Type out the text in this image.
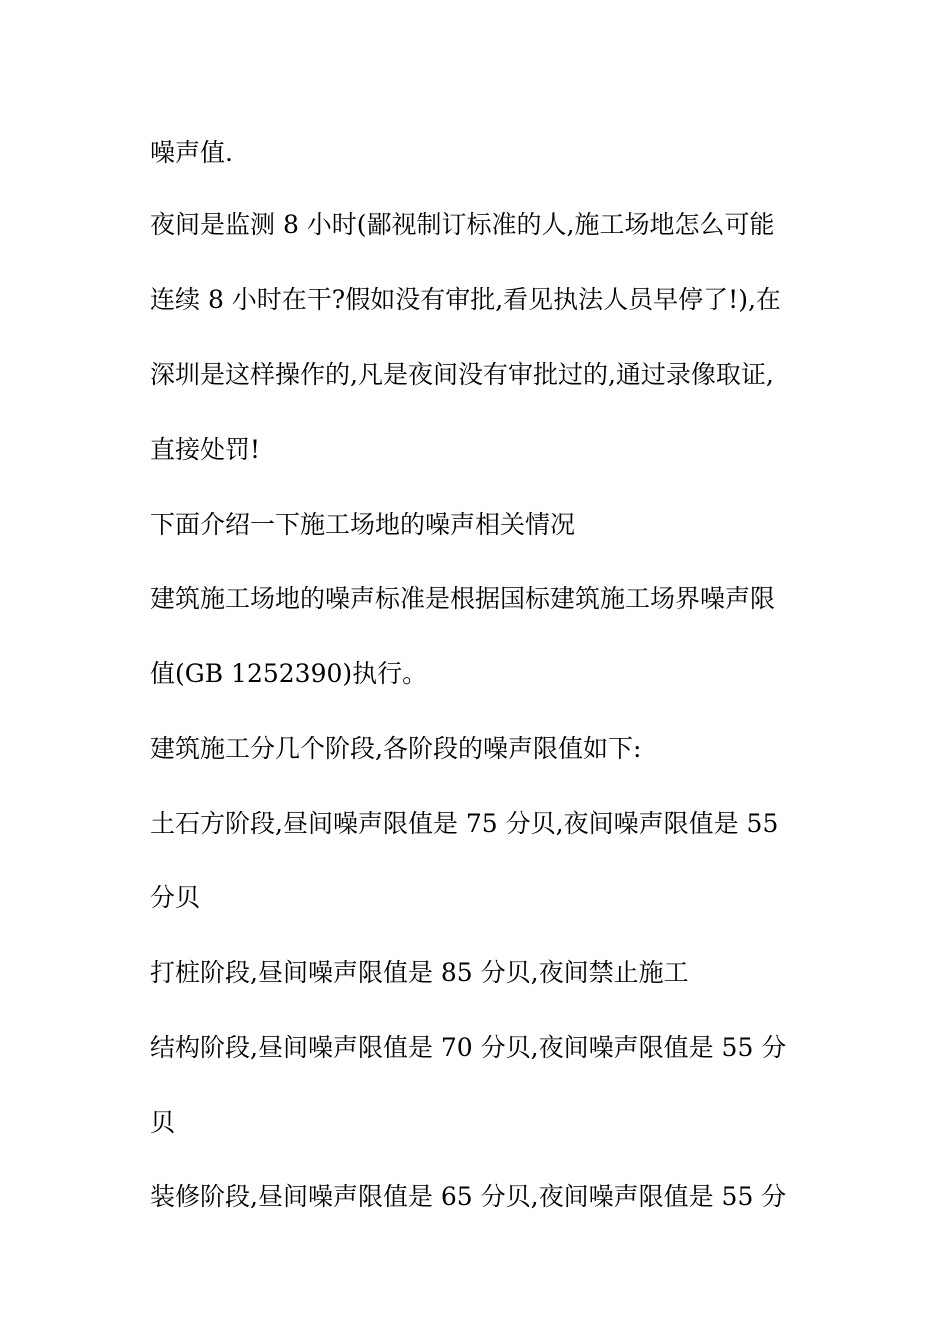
噪声值.
夜间是监测 8 小时(鄙视制订标准的人,施工场地怎么可能
连续 8 小时在干?假如没有审批,看见执法人员早停了!),在
深圳是这样操作的,凡是夜间没有审批过的,通过录像取证,
直接处罚!
下面介绍一下施工场地的噪声相关情况
建筑施工场地的噪声标准是根据国标建筑施工场界噪声限
值(GB 1252390)执行。
建筑施工分几个阶段,各阶段的噪声限值如下:
土石方阶段,昼间噪声限值是 75 分贝,夜间噪声限值是 55
分贝
打桩阶段,昼间噪声限值是 85 分贝,夜间禁止施工
结构阶段,昼间噪声限值是 70 分贝,夜间噪声限值是 55 分
贝
装修阶段,昼间噪声限值是 65 分贝,夜间噪声限值是 55 分
